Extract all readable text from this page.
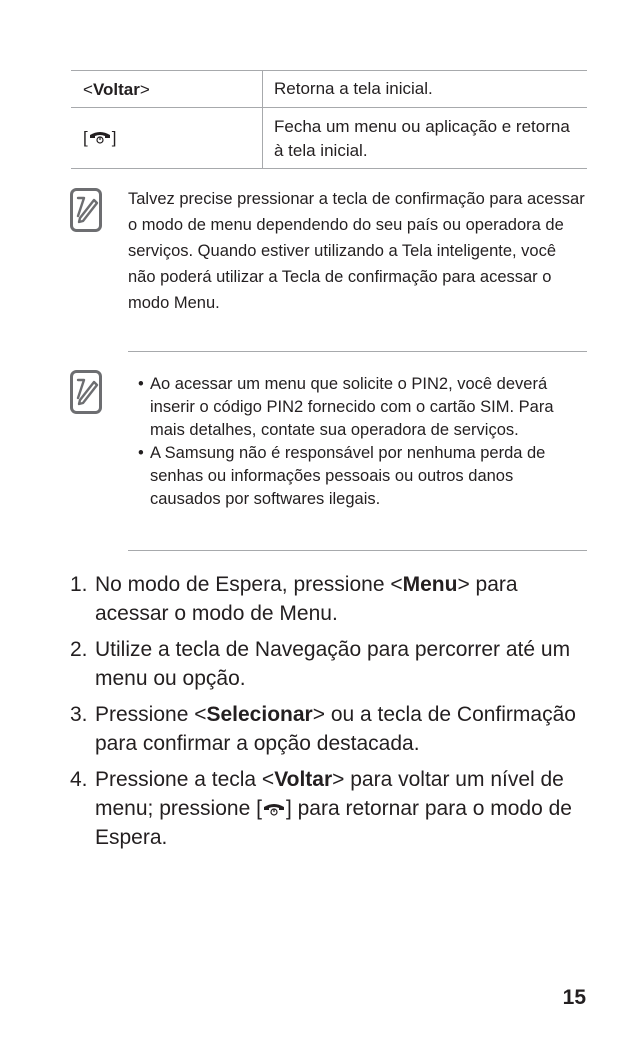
<Voltar>	Retorna a tela inicial.
[ ]
Fecha um menu ou aplicação e retorna à tela inicial.

Talvez precise pressionar a tecla de confirmação para acessar o modo de menu dependendo do seu país ou operadora de serviços. Quando estiver utilizando a Tela inteligente, você não poderá utilizar a Tecla de confirmação para acessar o modo Menu.

• Ao acessar um menu que solicite o PIN2, você deverá inserir o código PIN2 fornecido com o cartão SIM. Para mais detalhes, contate sua operadora de serviços.
• A Samsung não é responsável por nenhuma perda de senhas ou informações pessoais ou outros danos causados por softwares ilegais.
1. No modo de Espera, pressione <Menu> para acessar o modo de Menu.
2. Utilize a tecla de Navegação para percorrer até um menu ou opção.
3. Pressione <Selecionar> ou a tecla de Confirmação para confirmar a opção destacada.
4. Pressione a tecla <Voltar> para voltar um nível de menu; pressione [ ] para retornar para o modo de Espera.
15
